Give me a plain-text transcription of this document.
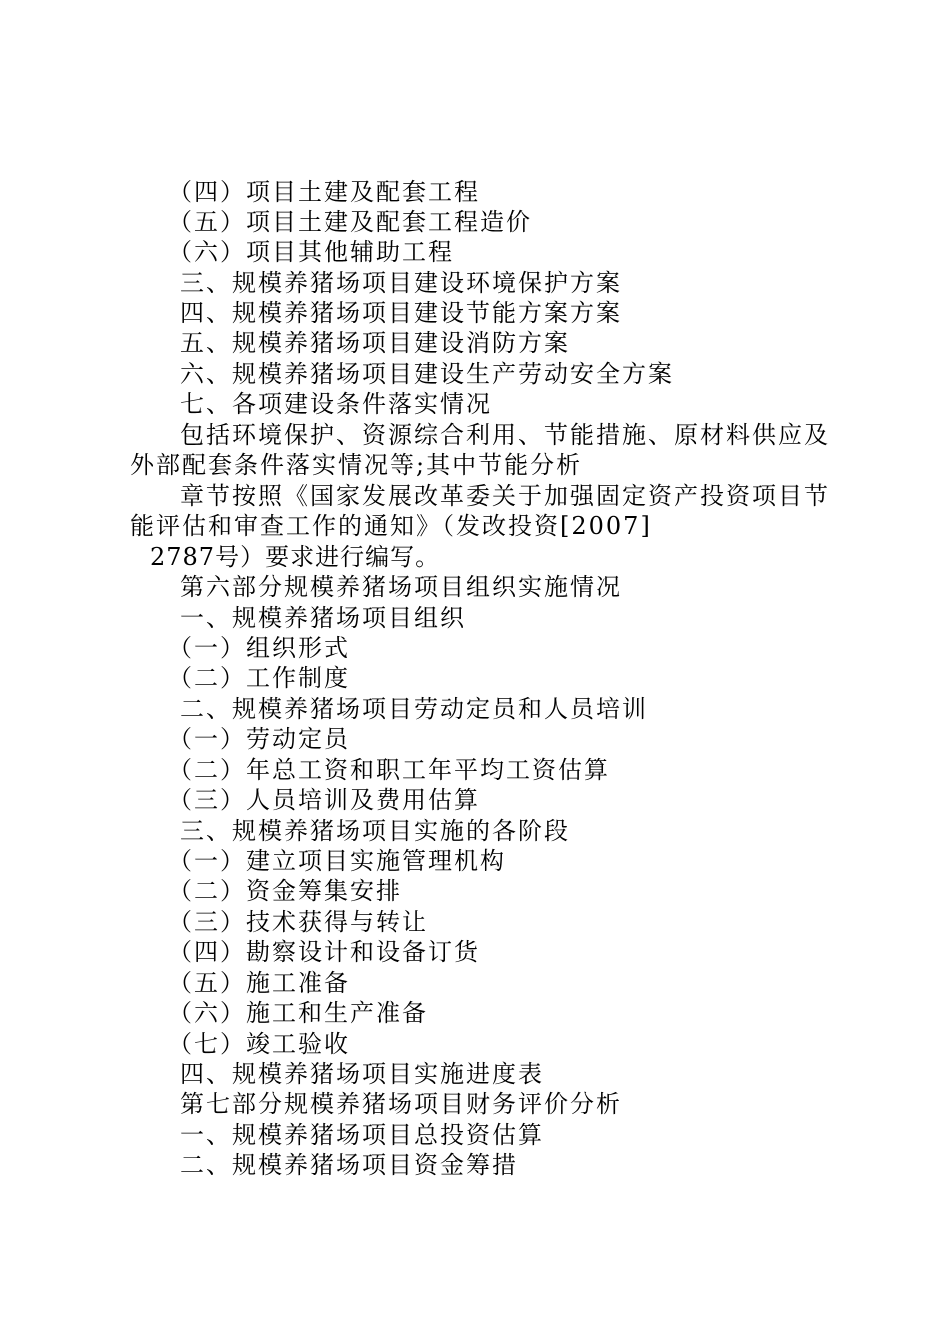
（四）项目土建及配套工程
（五）项目土建及配套工程造价
（六）项目其他辅助工程
三、规模养猪场项目建设环境保护方案
四、规模养猪场项目建设节能方案方案
五、规模养猪场项目建设消防方案
六、规模养猪场项目建设生产劳动安全方案
七、各项建设条件落实情况
包括环境保护、资源综合利用、节能措施、原材料供应及
外部配套条件落实情况等;其中节能分析
章节按照《国家发展改革委关于加强固定资产投资项目节
能评估和审查工作的通知》（发改投资[2007]
2787号）要求进行编写。
第六部分规模养猪场项目组织实施情况
一、规模养猪场项目组织
（一）组织形式
（二）工作制度
二、规模养猪场项目劳动定员和人员培训
（一）劳动定员
（二）年总工资和职工年平均工资估算
（三）人员培训及费用估算
三、规模养猪场项目实施的各阶段
（一）建立项目实施管理机构
（二）资金筹集安排
（三）技术获得与转让
（四）勘察设计和设备订货
（五）施工准备
（六）施工和生产准备
（七）竣工验收
四、规模养猪场项目实施进度表
第七部分规模养猪场项目财务评价分析
一、规模养猪场项目总投资估算
二、规模养猪场项目资金筹措
